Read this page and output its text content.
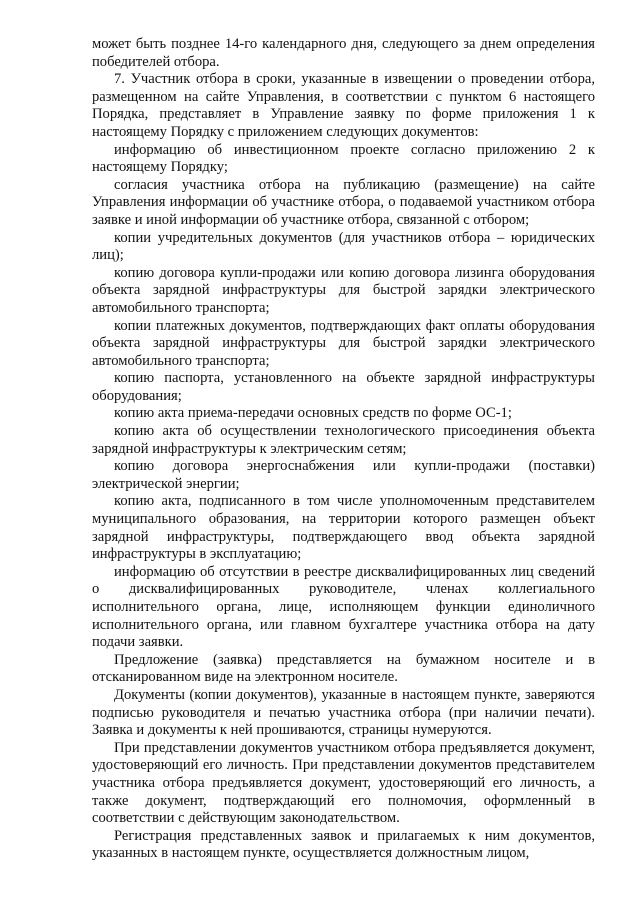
может быть позднее 14-го календарного дня, следующего за днем определения победителей отбора.

7. Участник отбора в сроки, указанные в извещении о проведении отбора, размещенном на сайте Управления, в соответствии с пунктом 6 настоящего Порядка, представляет в Управление заявку по форме приложения 1 к настоящему Порядку с приложением следующих документов:

информацию об инвестиционном проекте согласно приложению 2 к настоящему Порядку;

согласия участника отбора на публикацию (размещение) на сайте Управления информации об участнике отбора, о подаваемой участником отбора заявке и иной информации об участнике отбора, связанной с отбором;

копии учредительных документов (для участников отбора – юридических лиц);

копию договора купли-продажи или копию договора лизинга оборудования объекта зарядной инфраструктуры для быстрой зарядки электрического автомобильного транспорта;

копии платежных документов, подтверждающих факт оплаты оборудования объекта зарядной инфраструктуры для быстрой зарядки электрического автомобильного транспорта;

копию паспорта, установленного на объекте зарядной инфраструктуры оборудования;

копию акта приема-передачи основных средств по форме ОС-1;

копию акта об осуществлении технологического присоединения объекта зарядной инфраструктуры к электрическим сетям;

копию договора энергоснабжения или купли-продажи (поставки) электрической энергии;

копию акта, подписанного в том числе уполномоченным представителем муниципального образования, на территории которого размещен объект зарядной инфраструктуры, подтверждающего ввод объекта зарядной инфраструктуры в эксплуатацию;

информацию об отсутствии в реестре дисквалифицированных лиц сведений о дисквалифицированных руководителе, членах коллегиального исполнительного органа, лице, исполняющем функции единоличного исполнительного органа, или главном бухгалтере участника отбора на дату подачи заявки.

Предложение (заявка) представляется на бумажном носителе и в отсканированном виде на электронном носителе.

Документы (копии документов), указанные в настоящем пункте, заверяются подписью руководителя и печатью участника отбора (при наличии печати). Заявка и документы к ней прошиваются, страницы нумеруются.

При представлении документов участником отбора предъявляется документ, удостоверяющий его личность. При представлении документов представителем участника отбора предъявляется документ, удостоверяющий его личность, а также документ, подтверждающий его полномочия, оформленный в соответствии с действующим законодательством.

Регистрация представленных заявок и прилагаемых к ним документов, указанных в настоящем пункте, осуществляется должностным лицом,
